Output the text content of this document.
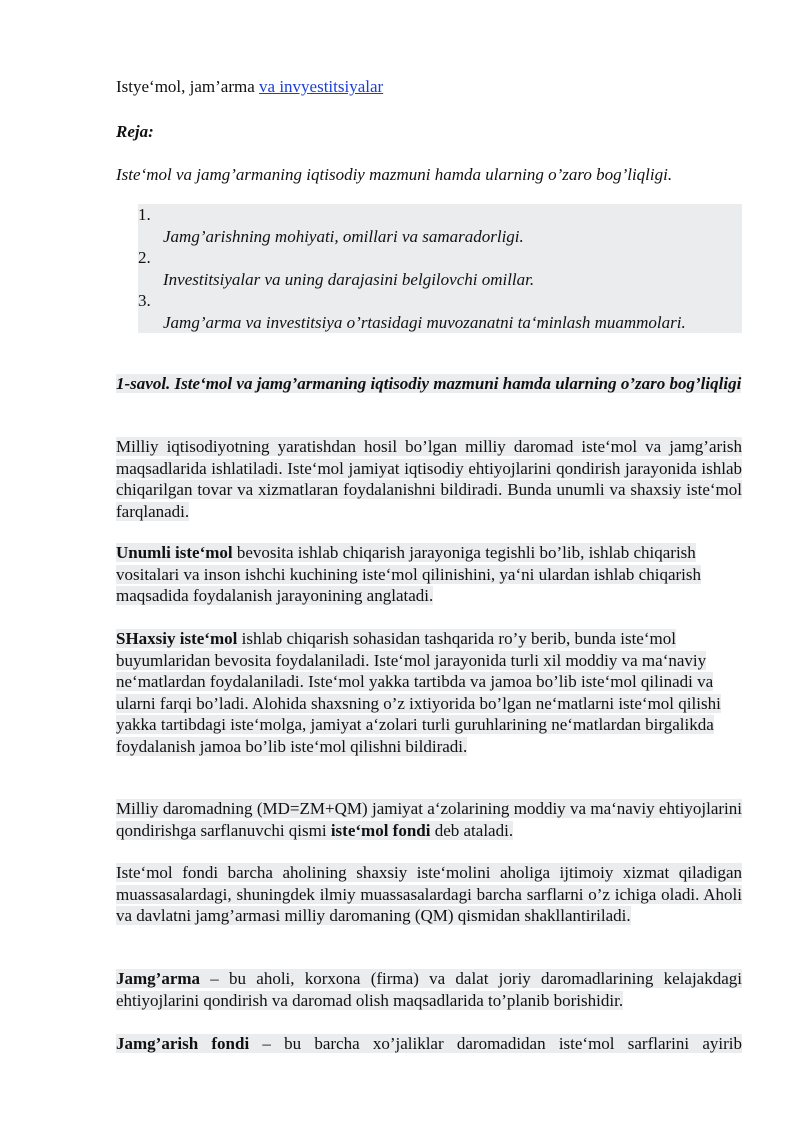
Istye‘mol, jam’arma va invyestitsiyalar
Reja:
Iste‘mol va jamg’armaning iqtisodiy mazmuni hamda ularning o’zaro bog’liqligi.
1.
Jamg’arishning mohiyati, omillari va samaradorligi.
2.
Investitsiyalar va uning darajasini belgilovchi omillar.
3.
Jamg’arma va investitsiya o’rtasidagi muvozanatni ta‘minlash muammolari.
1-savol. Iste‘mol va jamg’armaning iqtisodiy mazmuni hamda ularning o’zaro bog’liqligi
Milliy iqtisodiyotning yaratishdan hosil bo’lgan milliy daromad iste‘mol va jamg’arish maqsadlarida ishlatiladi. Iste‘mol jamiyat iqtisodiy ehtiyojlarini qondirish jarayonida ishlab chiqarilgan tovar va xizmatlaran foydalanishni bildiradi. Bunda unumli va shaxsiy iste‘mol farqlanadi.
Unumli iste‘mol bevosita ishlab chiqarish jarayoniga tegishli bo’lib, ishlab chiqarish vositalari va inson ishchi kuchining iste‘mol qilinishini, ya‘ni ulardan ishlab chiqarish maqsadida foydalanish jarayonining anglatadi.
SHaxsiy iste‘mol ishlab chiqarish sohasidan tashqarida ro’y berib, bunda iste‘mol buyumlaridan bevosita foydalaniladi. Iste‘mol jarayonida turli xil moddiy va ma‘naviy ne‘matlardan foydalaniladi. Iste‘mol yakka tartibda va jamoa bo’lib iste‘mol qilinadi va ularni farqi bo’ladi. Alohida shaxsning o’z ixtiyorida bo’lgan ne‘matlarni iste‘mol qilishi yakka tartibdagi iste‘molga, jamiyat a‘zolari turli guruhlarining ne‘matlardan birgalikda foydalanish jamoa bo’lib iste‘mol qilishni bildiradi.
Milliy daromadning (MD=ZM+QM) jamiyat a‘zolarining moddiy va ma‘naviy ehtiyojlarini qondirishga sarflanuvchi qismi iste‘mol fondi deb ataladi.
Iste‘mol fondi barcha aholining shaxsiy iste‘molini aholiga ijtimoiy xizmat qiladigan muassasalardagi, shuningdek ilmiy muassasalardagi barcha sarflarni o’z ichiga oladi. Aholi va davlatni jamg’armasi milliy daromaning (QM) qismidan shakllantiriladi.
Jamg’arma – bu aholi, korxona (firma) va dalat joriy daromadlarining kelajakdagi ehtiyojlarini qondirish va daromad olish maqsadlarida to’planib borishidir.
Jamg’arish fondi – bu barcha xo’jaliklar daromadidan iste‘mol sarflarini ayirib
